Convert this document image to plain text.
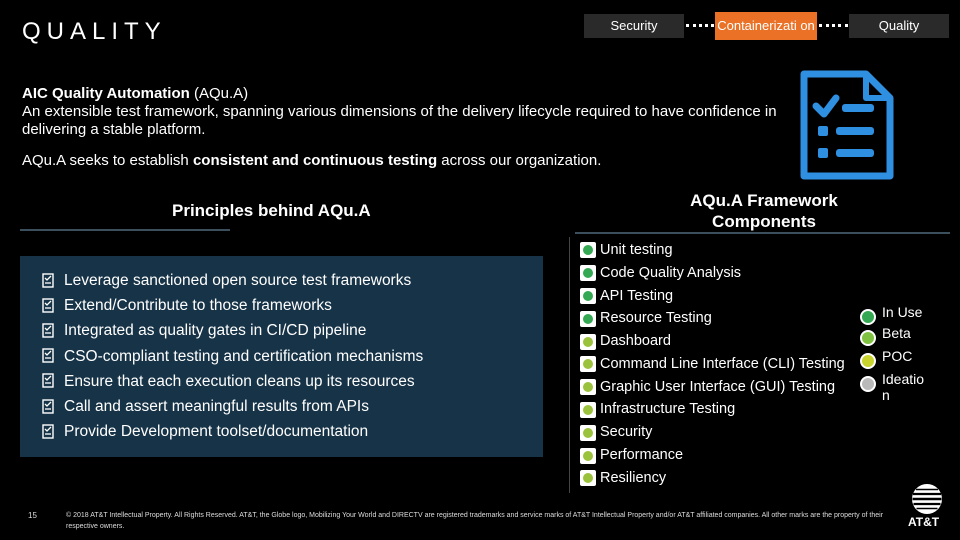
QUALITY	Security	Containerizati on	Quality
AIC Quality Automation (AQu.A)
An extensible test framework, spanning various dimensions of the delivery lifecycle required to have confidence in delivering a stable platform.
AQu.A seeks to establish consistent and continuous testing across our organization.
Principles behind AQu.A
Leverage sanctioned open source test frameworks
Extend/Contribute to those frameworks
Integrated as quality gates in CI/CD pipeline
CSO-compliant testing and certification mechanisms
Ensure that each execution cleans up its resources
Call and assert meaningful results from APIs
Provide Development toolset/documentation
AQu.A Framework Components
Unit testing
Code Quality Analysis
API Testing
Resource Testing
Dashboard
Command Line Interface (CLI) Testing
Graphic User Interface (GUI) Testing
Infrastructure Testing
Security
Performance
Resiliency
In Use
Beta
POC
Ideatio n
15	© 2018 AT&T Intellectual Property. All Rights Reserved. AT&T, the Globe logo, Mobilizing Your World and DIRECTV are registered trademarks and service marks of AT&T Intellectual Property and/or AT&T affiliated companies. All other marks are the property of their respective owners.	AT&T
